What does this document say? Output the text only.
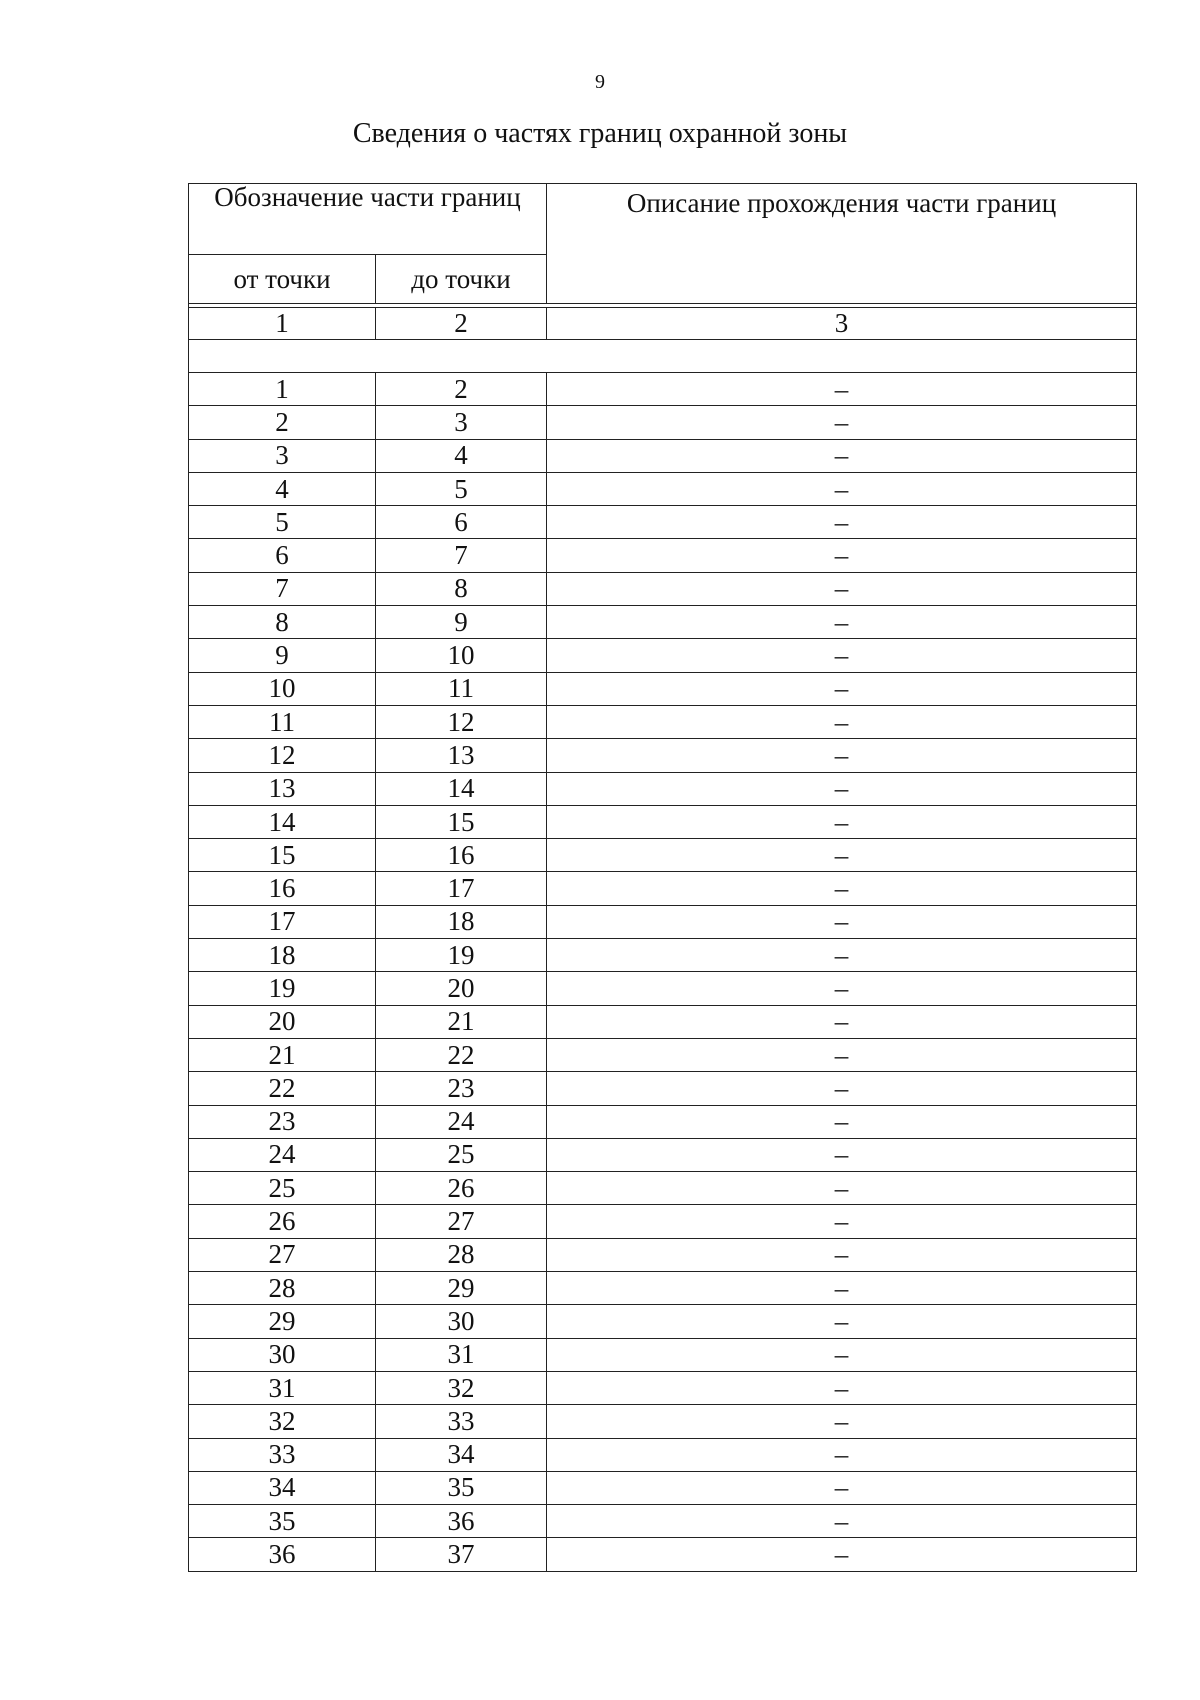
9
Сведения о частях границ охранной зоны
Обозначение части границ		Описание прохождения части границ
от точки	до точки	

1	2	3

1	2	–
2	3	–
3	4	–
4	5	–
5	6	–
6	7	–
7	8	–
8	9	–
9	10	–
10	11	–
11	12	–
12	13	–
13	14	–
14	15	–
15	16	–
16	17	–
17	18	–
18	19	–
19	20	–
20	21	–
21	22	–
22	23	–
23	24	–
24	25	–
25	26	–
26	27	–
27	28	–
28	29	–
29	30	–
30	31	–
31	32	–
32	33	–
33	34	–
34	35	–
35	36	–
36	37	–
